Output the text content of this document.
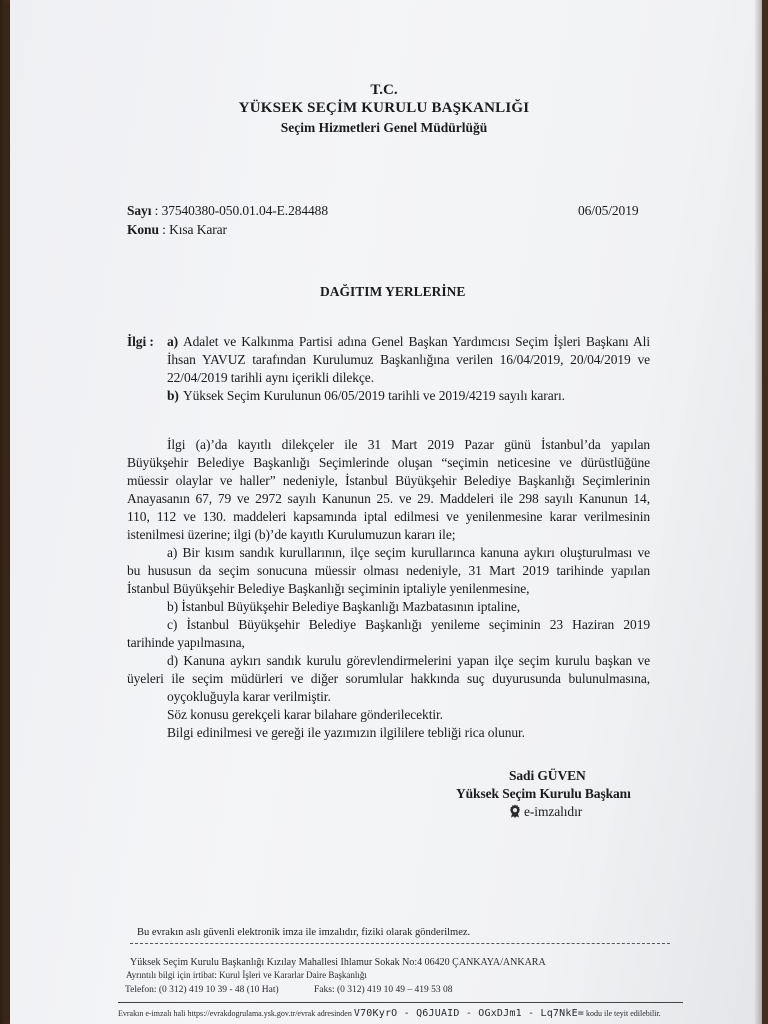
T.C.
YÜKSEK SEÇİM KURULU BAŞKANLIĞI
Seçim Hizmetleri Genel Müdürlüğü
Sayı : 37540380-050.01.04-E.284488	06/05/2019
Konu : Kısa Karar
DAĞITIM YERLERİNE
İlgi : a) Adalet ve Kalkınma Partisi adına Genel Başkan Yardımcısı Seçim İşleri Başkanı Ali
İhsan YAVUZ tarafından Kurulumuz Başkanlığına verilen 16/04/2019, 20/04/2019 ve
22/04/2019 tarihli aynı içerikli dilekçe.
b) Yüksek Seçim Kurulunun 06/05/2019 tarihli ve 2019/4219 sayılı kararı.
İlgi (a)’da kayıtlı dilekçeler ile 31 Mart 2019 Pazar günü İstanbul’da yapılan
Büyükşehir Belediye Başkanlığı Seçimlerinde oluşan “seçimin neticesine ve dürüstlüğüne
müessir olaylar ve haller” nedeniyle, İstanbul Büyükşehir Belediye Başkanlığı Seçimlerinin
Anayasanın 67, 79 ve 2972 sayılı Kanunun 25. ve 29. Maddeleri ile 298 sayılı Kanunun 14,
110, 112 ve 130. maddeleri kapsamında iptal edilmesi ve yenilenmesine karar verilmesinin
istenilmesi üzerine; ilgi (b)’de kayıtlı Kurulumuzun kararı ile;
a) Bir kısım sandık kurullarının, ilçe seçim kurullarınca kanuna aykırı oluşturulması ve
bu hususun da seçim sonucuna müessir olması nedeniyle, 31 Mart 2019 tarihinde yapılan
İstanbul Büyükşehir Belediye Başkanlığı seçiminin iptaliyle yenilenmesine,
b) İstanbul Büyükşehir Belediye Başkanlığı Mazbatasının iptaline,
c) İstanbul Büyükşehir Belediye Başkanlığı yenileme seçiminin 23 Haziran 2019
tarihinde yapılmasına,
d) Kanuna aykırı sandık kurulu görevlendirmelerini yapan ilçe seçim kurulu başkan ve
üyeleri ile seçim müdürleri ve diğer sorumlular hakkında suç duyurusunda bulunulmasına,
oyçokluğuyla karar verilmiştir.
Söz konusu gerekçeli karar bilahare gönderilecektir.
Bilgi edinilmesi ve gereği ile yazımızın ilgililere tebliği rica olunur.
Sadi GÜVEN
Yüksek Seçim Kurulu Başkanı
e-imzalıdır
Bu evrakın aslı güvenli elektronik imza ile imzalıdır, fiziki olarak gönderilmez.
Yüksek Seçim Kurulu Başkanlığı Kızılay Mahallesi Ihlamur Sokak No:4 06420 ÇANKAYA/ANKARA
Ayrıntılı bilgi için irtibat: Kurul İşleri ve Kararlar Daire Başkanlığı
Telefon: (0 312) 419 10 39 - 48 (10 Hat)	Faks: (0 312) 419 10 49 – 419 53 08
Evrakın e-imzalı hali https://evrakdogrulama.ysk.gov.tr/evrak adresinden V70KyrO - Q6JUAID - OGxDJm1 - Lq7NkE= kodu ile teyit edilebilir.
